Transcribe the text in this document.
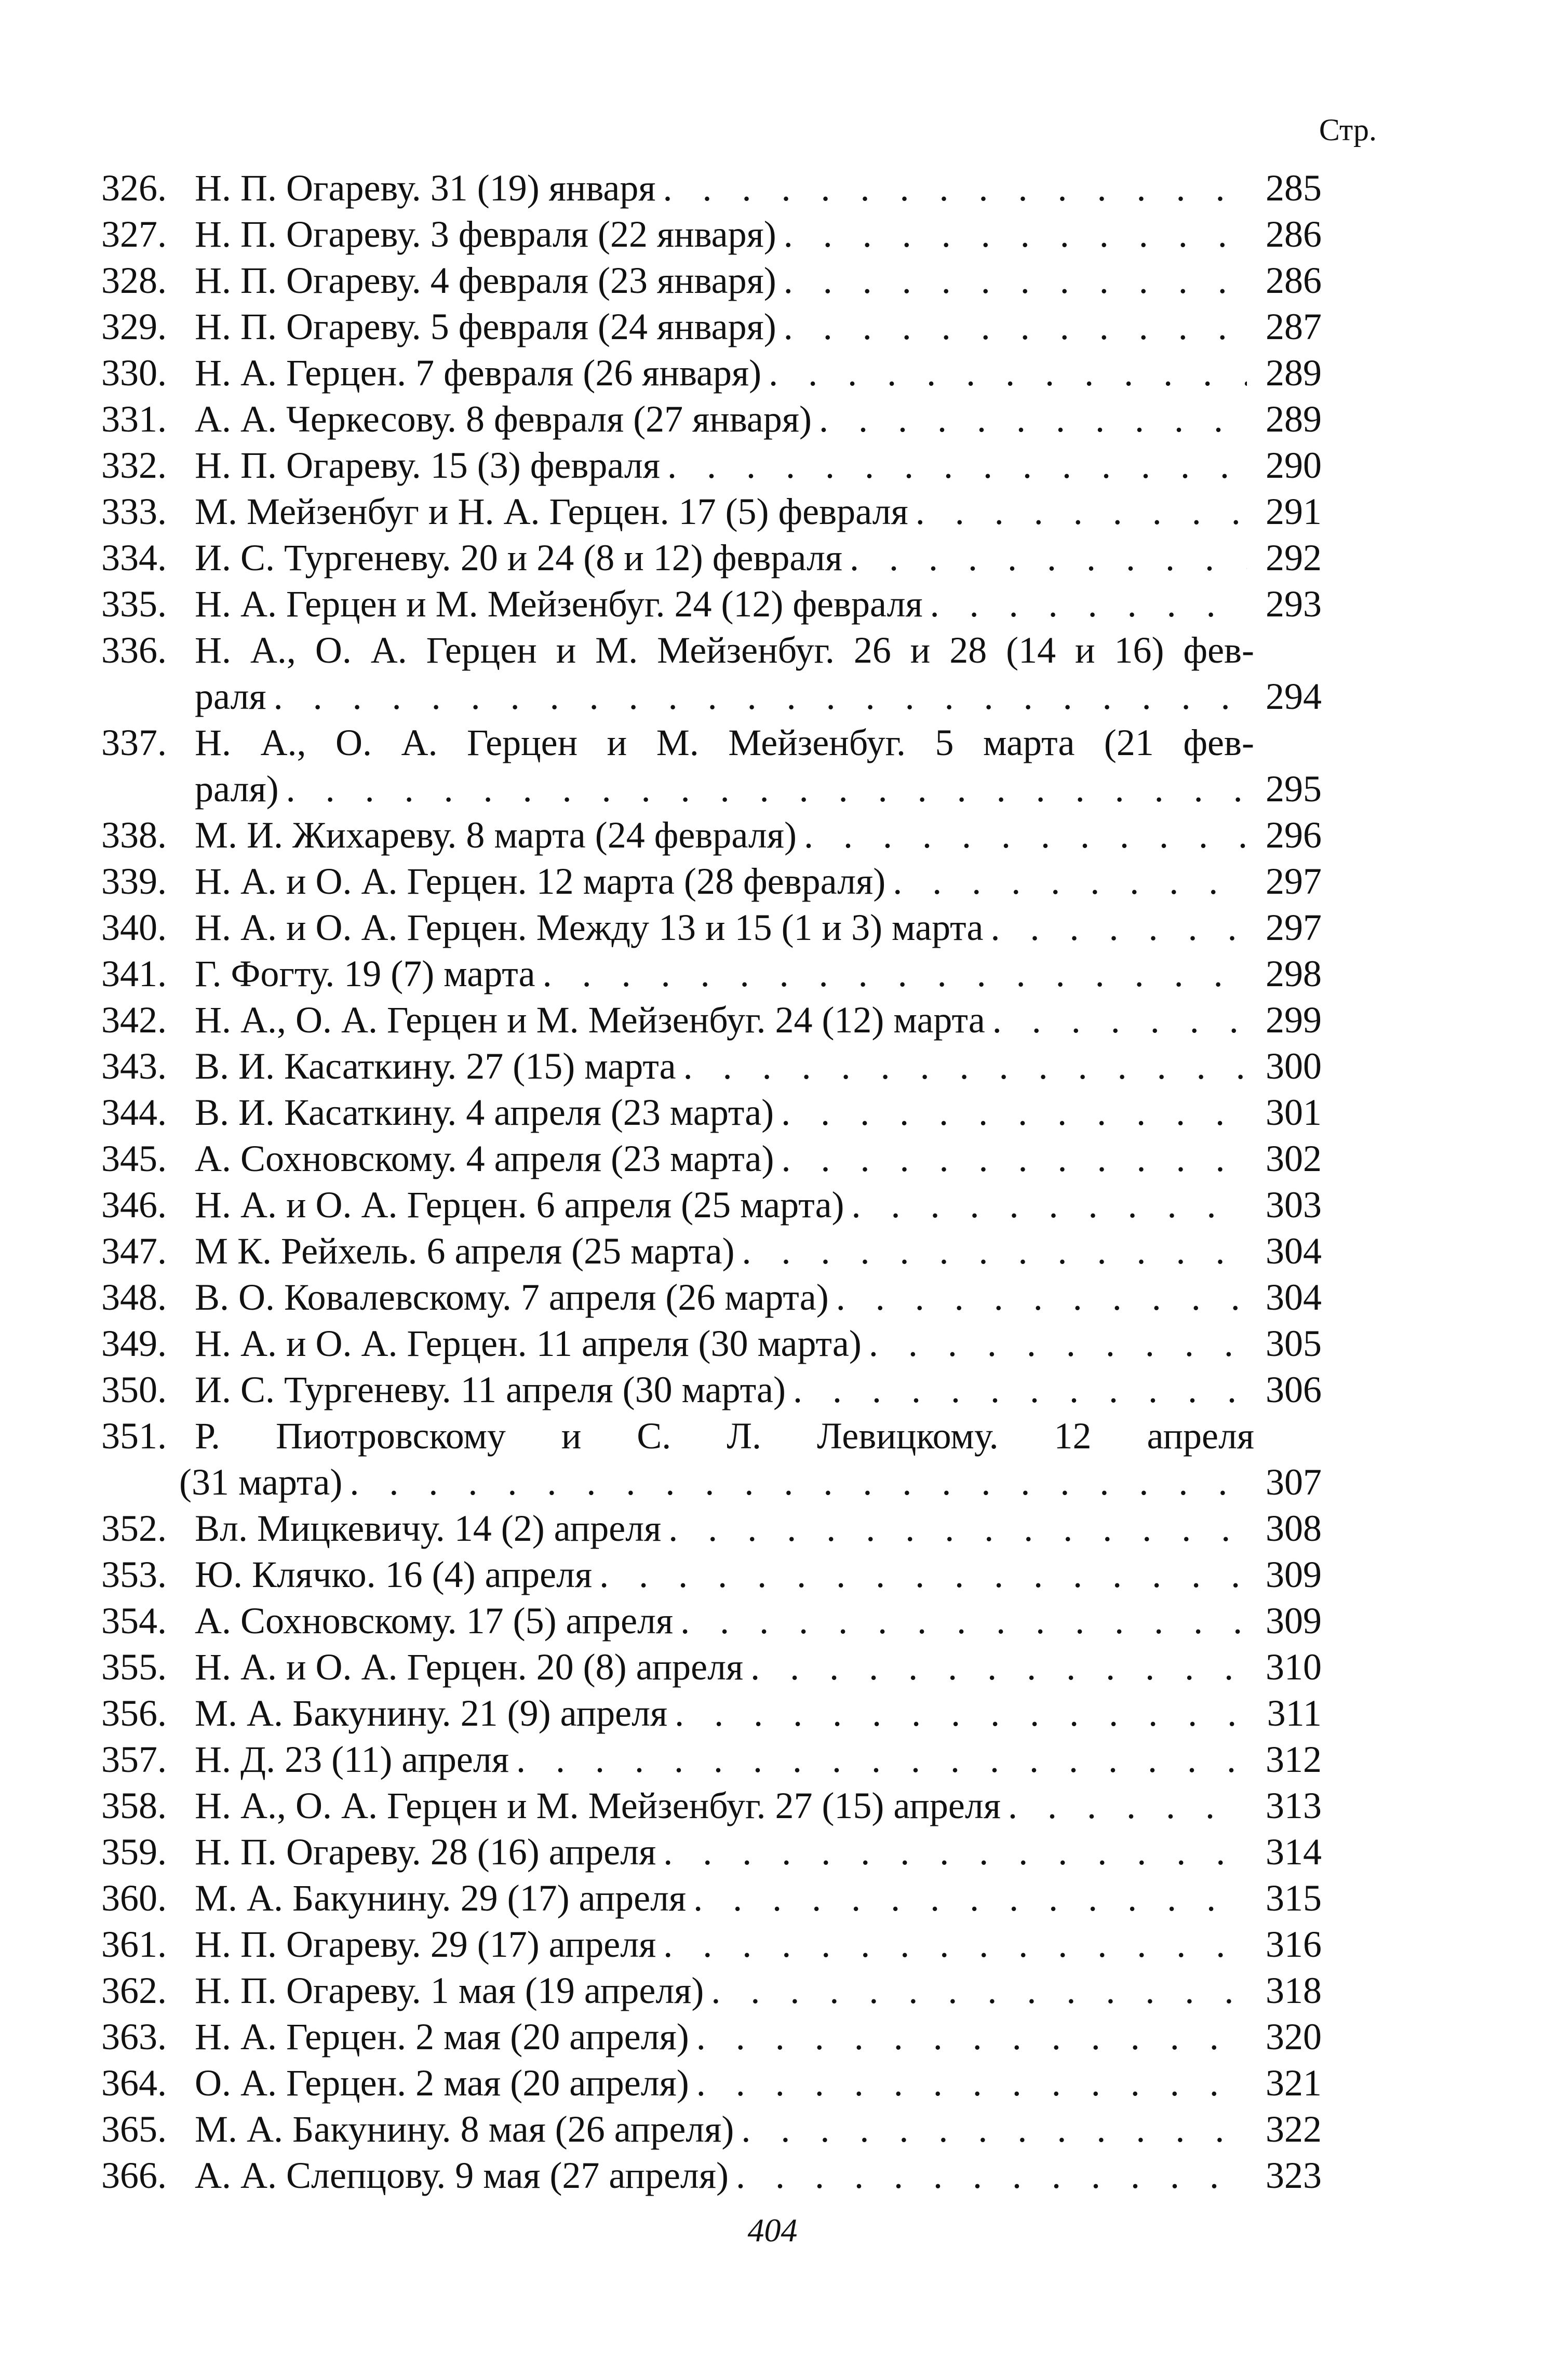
Стр.
326. Н. П. Огареву. 31 (19) января . . .	285
327. Н. П. Огареву. 3 февраля (22 января) . . .	286
328. Н. П. Огареву. 4 февраля (23 января) . . .	286
329. Н. П. Огареву. 5 февраля (24 января) . . .	287
330. Н. А. Герцен. 7 февраля (26 января) . . .	289
331. А. А. Черкесову. 8 февраля (27 января) . . .	289
332. Н. П. Огареву. 15 (3) февраля . . .	290
333. М. Мейзенбуг и Н. А. Герцен. 17 (5) февраля . . .	291
334. И. С. Тургеневу. 20 и 24 (8 и 12) февраля . . .	292
335. Н. А. Герцен и М. Мейзенбуг. 24 (12) февраля . . .	293
336. Н. А., О. А. Герцен и М. Мейзенбуг. 26 и 28 (14 и 16) фев-
раля . . .	294
337. Н. А., О. А. Герцен и М. Мейзенбуг. 5 марта (21 фев-
раля) . . .	295
338. М. И. Жихареву. 8 марта (24 февраля) . . .	296
339. Н. А. и О. А. Герцен. 12 марта (28 февраля) . . .	297
340. Н. А. и О. А. Герцен. Между 13 и 15 (1 и 3) марта . . .	297
341. Г. Фогту. 19 (7) марта . . .	298
342. Н. А., О. А. Герцен и М. Мейзенбуг. 24 (12) марта . . .	299
343. В. И. Касаткину. 27 (15) марта . . .	300
344. В. И. Касаткину. 4 апреля (23 марта) . . .	301
345. А. Сохновскому. 4 апреля (23 марта) . . .	302
346. Н. А. и О. А. Герцен. 6 апреля (25 марта) . . .	303
347. М К. Рейхель. 6 апреля (25 марта) . . .	304
348. В. О. Ковалевскому. 7 апреля (26 марта) . . .	304
349. Н. А. и О. А. Герцен. 11 апреля (30 марта) . . .	305
350. И. С. Тургеневу. 11 апреля (30 марта) . . .	306
351. Р. Пиотровскому и С. Л. Левицкому. 12 апреля
(31 марта) . . .	307
352. Вл. Мицкевичу. 14 (2) апреля . . .	308
353. Ю. Клячко. 16 (4) апреля . . .	309
354. А. Сохновскому. 17 (5) апреля . . .	309
355. Н. А. и О. А. Герцен. 20 (8) апреля . . .	310
356. М. А. Бакунину. 21 (9) апреля . . .	311
357. Н. Д. 23 (11) апреля . . .	312
358. Н. А., О. А. Герцен и М. Мейзенбуг. 27 (15) апреля . . .	313
359. Н. П. Огареву. 28 (16) апреля . . .	314
360. М. А. Бакунину. 29 (17) апреля . . .	315
361. Н. П. Огареву. 29 (17) апреля . . .	316
362. Н. П. Огареву. 1 мая (19 апреля) . . .	318
363. Н. А. Герцен. 2 мая (20 апреля) . . .	320
364. О. А. Герцен. 2 мая (20 апреля) . . .	321
365. М. А. Бакунину. 8 мая (26 апреля) . . .	322
366. А. А. Слепцову. 9 мая (27 апреля) . . .	323
404
